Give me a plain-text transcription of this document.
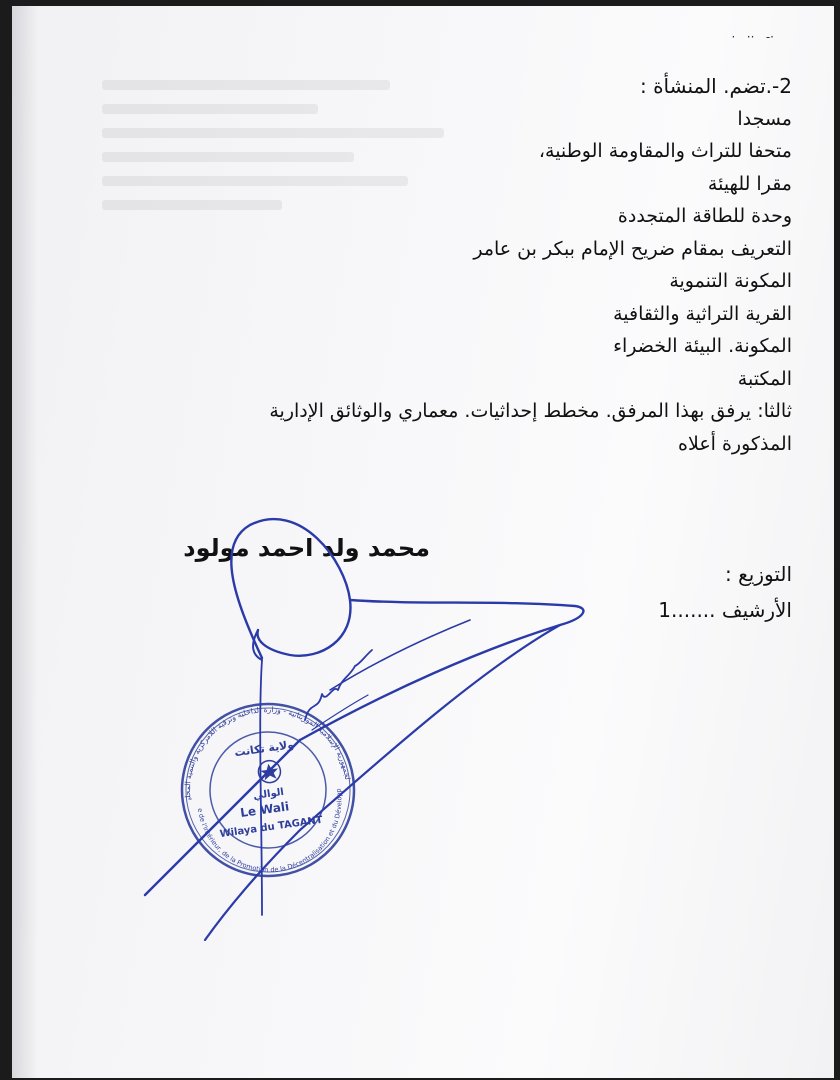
·   ··   -·
2-.تضم. المنشأة :
مسجدا
متحفا للتراث والمقاومة الوطنية،
مقرا للهيئة
وحدة للطاقة المتجددة
التعريف بمقام ضريح الإمام ببكر بن عامر
المكونة التنموية
القرية التراثية والثقافية
المكونة. البيئة الخضراء
المكتبة
ثالثا: يرفق بهذا المرفق. مخطط إحداثيات. معماري والوثائق الإدارية
المذكورة أعلاه
محمد ولد احمد مولود
التوزيع :
الأرشيف .......1
الجمهورية الإسلامية الموريتانية - وزارة الداخلية وترقية اللامركزية والتنمية المحلية
RIM/Ministère de l'Intérieur, de la Promotion de la Décentralisation et du Développement
ولاية تكانت
الوالي
Le Wali
Wilaya du TAGANT
